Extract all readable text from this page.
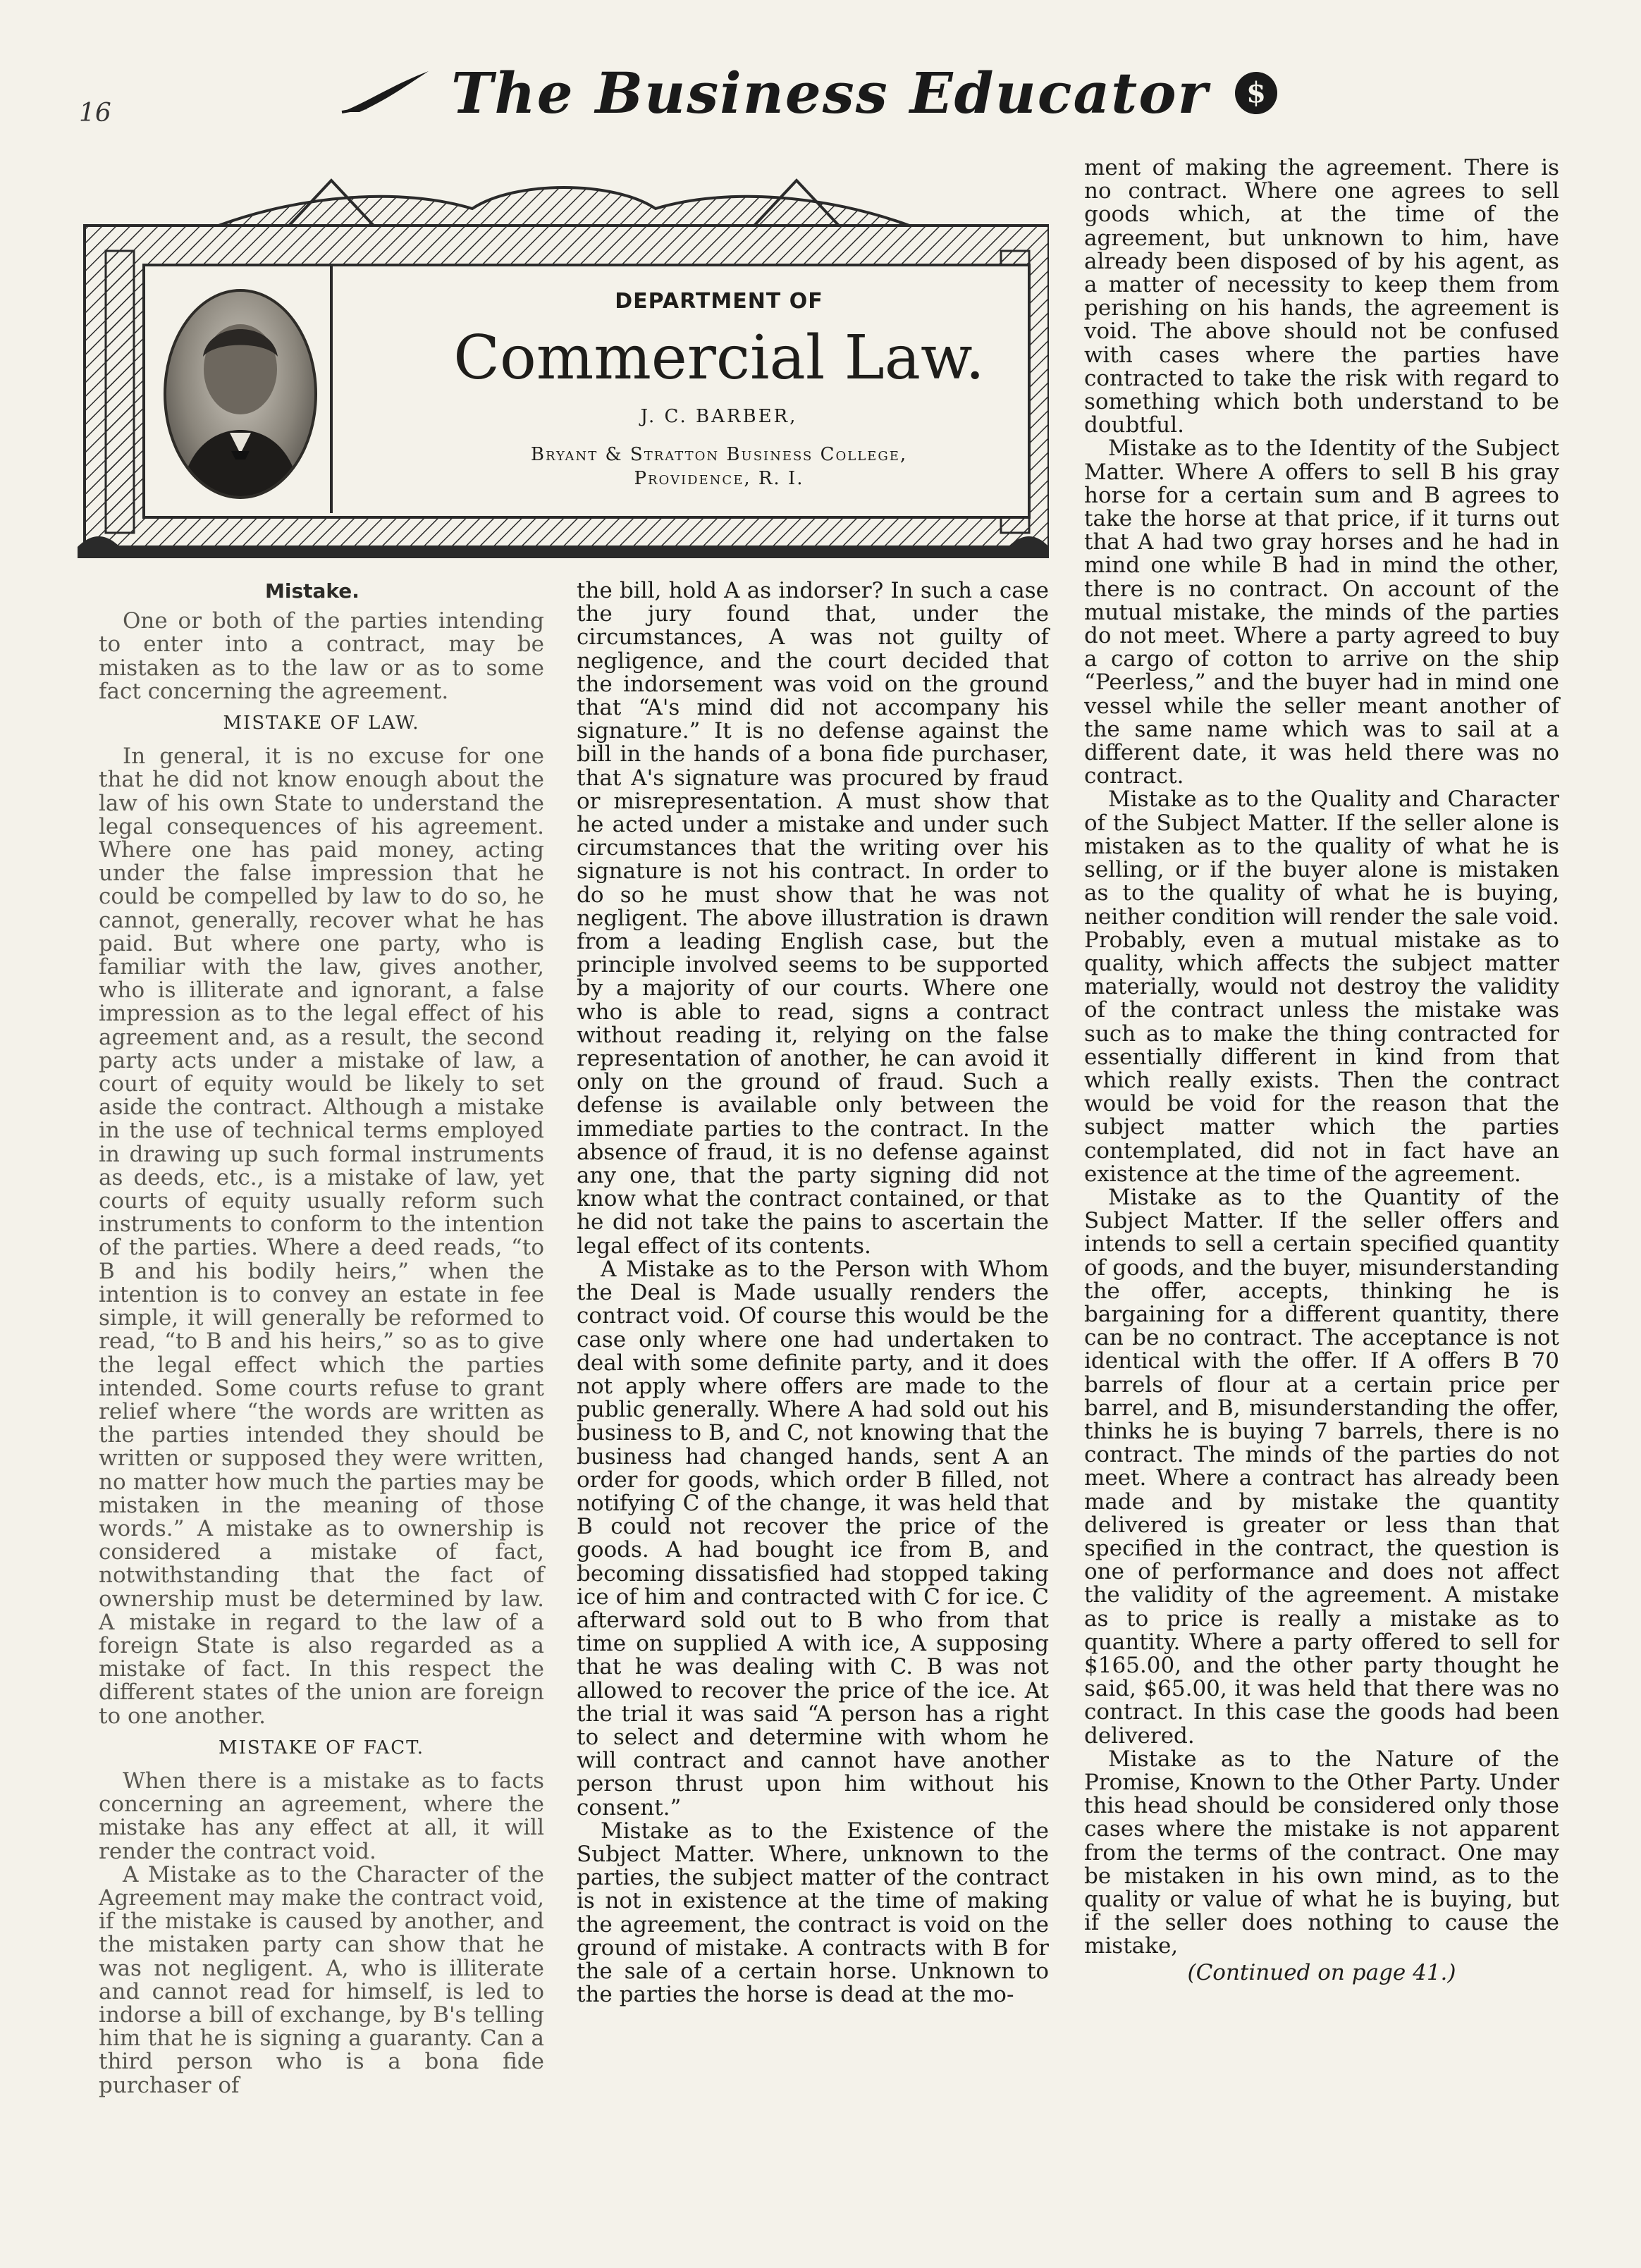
16	The Business Educator $
DEPARTMENT OF
Commercial Law.
J. C. BARBER,
Bryant & Stratton Business College,
Providence, R. I.

Mistake.

One or both of the parties intending to enter into a contract, may be mistaken as to the law or as to some fact concerning the agreement.

MISTAKE OF LAW.

In general, it is no excuse for one that he did not know enough about the law of his own State to understand the legal consequences of his agreement. Where one has paid money, acting under the false impression that he could be compelled by law to do so, he cannot, generally, recover what he has paid. But where one party, who is familiar with the law, gives another, who is illiterate and ignorant, a false impression as to the legal effect of his agreement and, as a result, the second party acts under a mistake of law, a court of equity would be likely to set aside the contract. Although a mistake in the use of technical terms employed in drawing up such formal instruments as deeds, etc., is a mistake of law, yet courts of equity usually reform such instruments to conform to the intention of the parties. Where a deed reads, “to B and his bodily heirs,” when the intention is to convey an estate in fee simple, it will generally be reformed to read, “to B and his heirs,” so as to give the legal effect which the parties intended. Some courts refuse to grant relief where “the words are written as the parties intended they should be written or supposed they were written, no matter how much the parties may be mistaken in the meaning of those words.” A mistake as to ownership is considered a mistake of fact, notwithstanding that the fact of ownership must be determined by law. A mistake in regard to the law of a foreign State is also regarded as a mistake of fact. In this respect the different states of the union are foreign to one another.

MISTAKE OF FACT.

When there is a mistake as to facts concerning an agreement, where the mistake has any effect at all, it will render the contract void.

A Mistake as to the Character of the Agreement may make the contract void, if the mistake is caused by another, and the mistaken party can show that he was not negligent. A, who is illiterate and cannot read for himself, is led to indorse a bill of exchange, by B's telling him that he is signing a guaranty. Can a third person who is a bona fide purchaser of

the bill, hold A as indorser? In such a case the jury found that, under the circumstances, A was not guilty of negligence, and the court decided that the indorsement was void on the ground that “A's mind did not accompany his signature.” It is no defense against the bill in the hands of a bona fide purchaser, that A's signature was procured by fraud or misrepresentation. A must show that he acted under a mistake and under such circumstances that the writing over his signature is not his contract. In order to do so he must show that he was not negligent. The above illustration is drawn from a leading English case, but the principle involved seems to be supported by a majority of our courts. Where one who is able to read, signs a contract without reading it, relying on the false representation of another, he can avoid it only on the ground of fraud. Such a defense is available only between the immediate parties to the contract. In the absence of fraud, it is no defense against any one, that the party signing did not know what the contract contained, or that he did not take the pains to ascertain the legal effect of its contents.

A Mistake as to the Person with Whom the Deal is Made usually renders the contract void. Of course this would be the case only where one had undertaken to deal with some definite party, and it does not apply where offers are made to the public generally. Where A had sold out his business to B, and C, not knowing that the business had changed hands, sent A an order for goods, which order B filled, not notifying C of the change, it was held that B could not recover the price of the goods. A had bought ice from B, and becoming dissatisfied had stopped taking ice of him and contracted with C for ice. C afterward sold out to B who from that time on supplied A with ice, A supposing that he was dealing with C. B was not allowed to recover the price of the ice. At the trial it was said “A person has a right to select and determine with whom he will contract and cannot have another person thrust upon him without his consent.”

Mistake as to the Existence of the Subject Matter. Where, unknown to the parties, the subject matter of the contract is not in existence at the time of making the agreement, the contract is void on the ground of mistake. A contracts with B for the sale of a certain horse. Unknown to the parties the horse is dead at the mo-

ment of making the agreement. There is no contract. Where one agrees to sell goods which, at the time of the agreement, but unknown to him, have already been disposed of by his agent, as a matter of necessity to keep them from perishing on his hands, the agreement is void. The above should not be confused with cases where the parties have contracted to take the risk with regard to something which both understand to be doubtful.

Mistake as to the Identity of the Subject Matter. Where A offers to sell B his gray horse for a certain sum and B agrees to take the horse at that price, if it turns out that A had two gray horses and he had in mind one while B had in mind the other, there is no contract. On account of the mutual mistake, the minds of the parties do not meet. Where a party agreed to buy a cargo of cotton to arrive on the ship “Peerless,” and the buyer had in mind one vessel while the seller meant another of the same name which was to sail at a different date, it was held there was no contract.

Mistake as to the Quality and Character of the Subject Matter. If the seller alone is mistaken as to the quality of what he is selling, or if the buyer alone is mistaken as to the quality of what he is buying, neither condition will render the sale void. Probably, even a mutual mistake as to quality, which affects the subject matter materially, would not destroy the validity of the contract unless the mistake was such as to make the thing contracted for essentially different in kind from that which really exists. Then the contract would be void for the reason that the subject matter which the parties contemplated, did not in fact have an existence at the time of the agreement.

Mistake as to the Quantity of the Subject Matter. If the seller offers and intends to sell a certain specified quantity of goods, and the buyer, misunderstanding the offer, accepts, thinking he is bargaining for a different quantity, there can be no contract. The acceptance is not identical with the offer. If A offers B 70 barrels of flour at a certain price per barrel, and B, misunderstanding the offer, thinks he is buying 7 barrels, there is no contract. The minds of the parties do not meet. Where a contract has already been made and by mistake the quantity delivered is greater or less than that specified in the contract, the question is one of performance and does not affect the validity of the agreement. A mistake as to price is really a mistake as to quantity. Where a party offered to sell for $165.00, and the other party thought he said, $65.00, it was held that there was no contract. In this case the goods had been delivered.

Mistake as to the Nature of the Promise, Known to the Other Party. Under this head should be considered only those cases where the mistake is not apparent from the terms of the contract. One may be mistaken in his own mind, as to the quality or value of what he is buying, but if the seller does nothing to cause the mistake,

(Continued on page 41.)
